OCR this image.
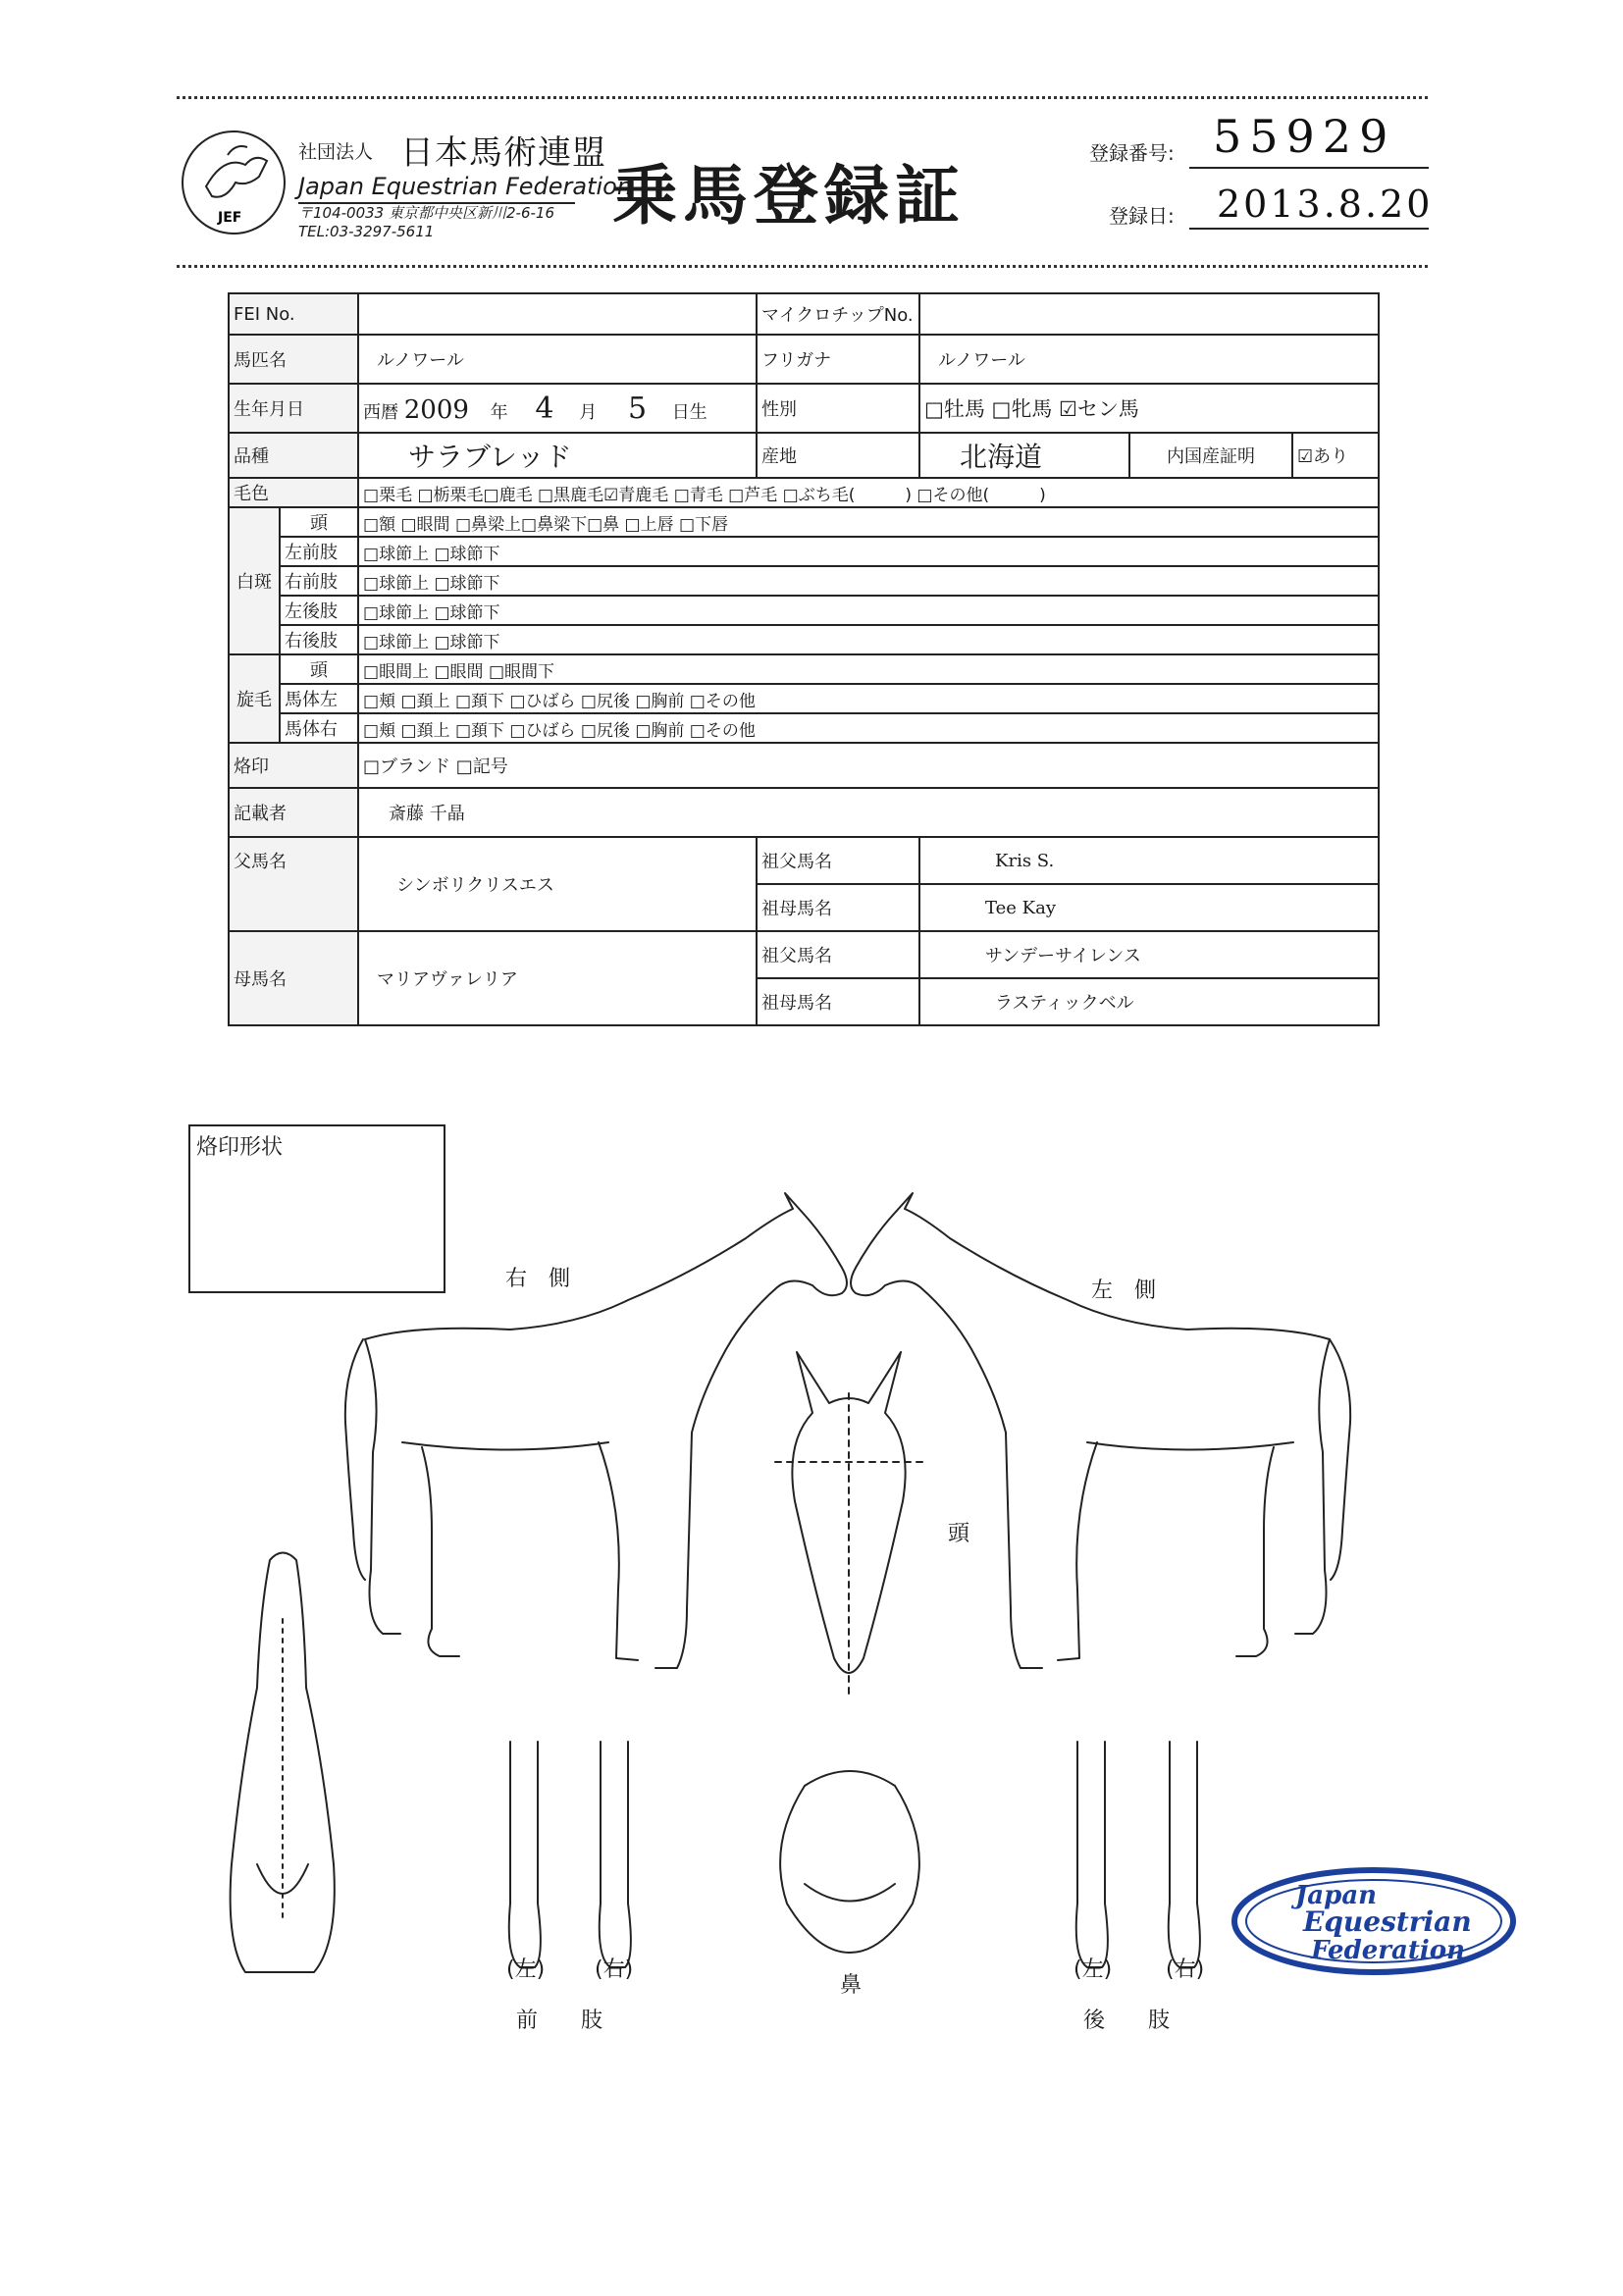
JEF
社団法人 日本馬術連盟
Japan Equestrian Federation
〒104-0033 東京都中央区新川2-6-16
TEL:03-3297-5611	乗馬登録証
登録番号: 55929
登録日: 2013.8.20
FEI No.			マイクロチップNo.			
馬匹名		ルノワール	フリガナ	ルノワール		
生年月日		西暦 2009 年 4 月 5 日生	性別	□牡馬 □牝馬 ☑セン馬		
品種		サラブレッド	産地	北海道	内国産証明	☑あり
毛色		□栗毛 □栃栗毛□鹿毛 □黒鹿毛☑青鹿毛 □青毛 □芦毛 □ぶち毛(　　　) □その他(　　　)				
白斑	頭	□額 □眼間 □鼻梁上□鼻梁下□鼻 □上唇 □下唇				
	左前肢	□球節上 □球節下				
	右前肢	□球節上 □球節下				
	左後肢	□球節上 □球節下				
	右後肢	□球節上 □球節下				
旋毛	頭	□眼間上 □眼間 □眼間下				
	馬体左	□頬 □頚上 □頚下 □ひばら □尻後 □胸前 □その他				
	馬体右	□頬 □頚上 □頚下 □ひばら □尻後 □胸前 □その他				
烙印		□ブランド □記号				
記載者		斎藤 千晶				
父馬名		シンボリクリスエス	祖父馬名	Kris S.		
			祖母馬名	Tee Kay		
母馬名		マリアヴァレリア	祖父馬名	サンデーサイレンス		
			祖母馬名	ラスティックベル		
烙印形状
右　側	左　側
頭
(左) (右)	(左) (右)
鼻
前　　肢	後　　肢
Japan
Equestrian
Federation
